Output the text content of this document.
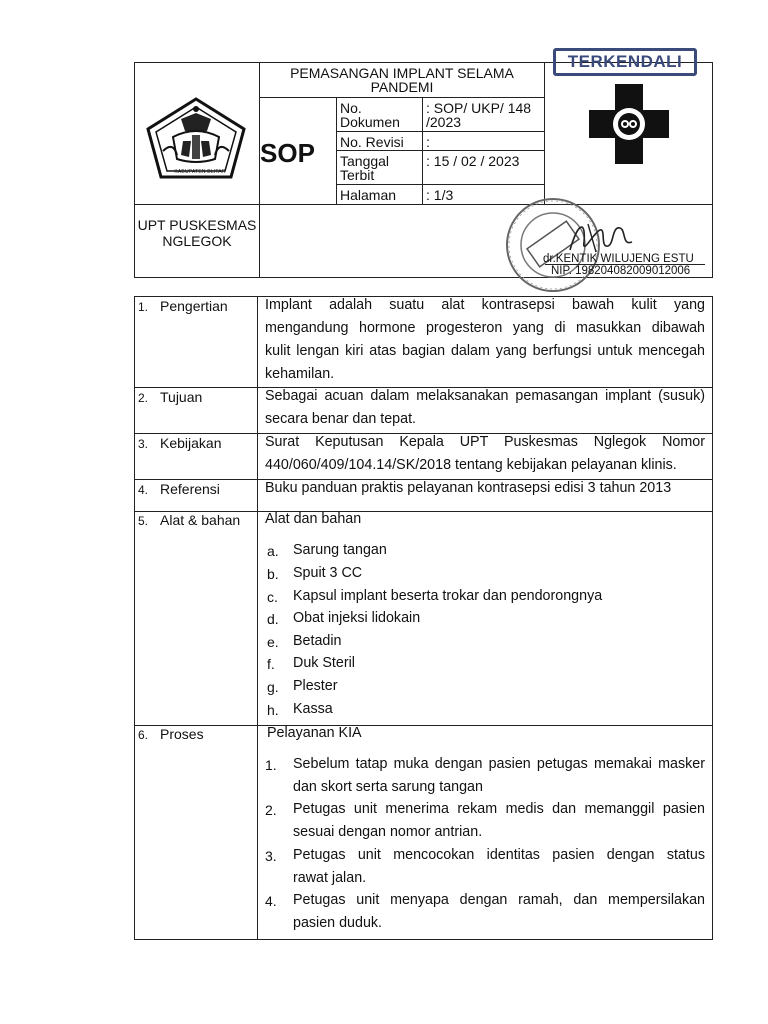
KABUPATEN BLITAR
PEMASANGAN IMPLANT SELAMA PANDEMI
SOP
No. Dokumen
: SOP/ UKP/ 148 /2023
No. Revisi :
Tanggal Terbit
: 15 / 02 / 2023
Halaman : 1/3
TERKENDALI
UPT PUSKESMAS NGLEGOK
dr.KENTIK WILUJENG ESTU
NIP. 198204082009012006
1. Pengertian	Implant adalah suatu alat kontrasepsi bawah kulit yang
mengandung hormone progesteron yang di masukkan dibawah
kulit lengan kiri atas bagian dalam yang berfungsi untuk mencegah
kehamilan.
2. Tujuan	Sebagai acuan dalam melaksanakan pemasangan implant (susuk)
secara benar dan tepat.
3. Kebijakan	Surat Keputusan Kepala UPT Puskesmas Nglegok Nomor
440/060/409/104.14/SK/2018 tentang kebijakan pelayanan klinis.
4. Referensi	Buku panduan praktis pelayanan kontrasepsi edisi 3 tahun 2013
5. Alat & bahan Alat dan bahan
a. Sarung tangan
b. Spuit 3 CC
c. Kapsul implant beserta trokar dan pendorongnya
d. Obat injeksi lidokain
e. Betadin
f. Duk Steril
g. Plester
h. Kassa
6. Proses	Pelayanan KIA
1. Sebelum tatap muka dengan pasien petugas memakai masker
dan skort serta sarung tangan
2. Petugas unit menerima rekam medis dan memanggil pasien
sesuai dengan nomor antrian.
3. Petugas unit mencocokan identitas pasien dengan status
rawat jalan.
4. Petugas unit menyapa dengan ramah, dan mempersilakan
pasien duduk.
